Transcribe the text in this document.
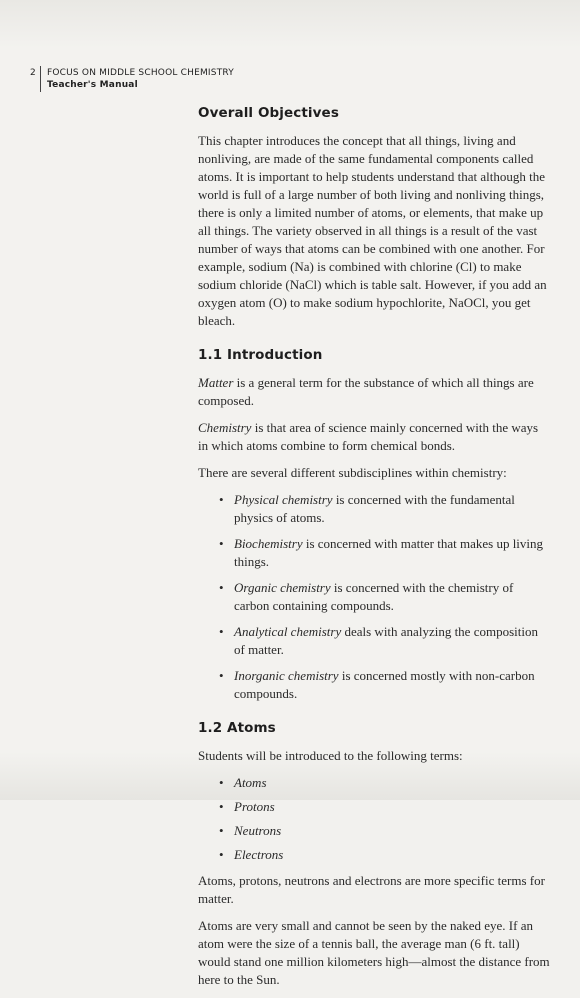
2 FOCUS ON MIDDLE SCHOOL CHEMISTRY
Teacher's Manual
Overall Objectives

This chapter introduces the concept that all things, living and nonliving, are made of the same fundamental components called atoms. It is important to help students understand that although the world is full of a large number of both living and nonliving things, there is only a limited number of atoms, or elements, that make up all things. The variety observed in all things is a result of the vast number of ways that atoms can be combined with one another. For example, sodium (Na) is combined with chlorine (Cl) to make sodium chloride (NaCl) which is table salt. However, if you add an oxygen atom (O) to make sodium hypochlorite, NaOCl, you get bleach.

1.1 Introduction

Matter is a general term for the substance of which all things are composed.

Chemistry is that area of science mainly concerned with the ways in which atoms combine to form chemical bonds.

There are several different subdisciplines within chemistry:

• Physical chemistry is concerned with the fundamental physics of atoms.
• Biochemistry is concerned with matter that makes up living things.
• Organic chemistry is concerned with the chemistry of carbon containing compounds.
• Analytical chemistry deals with analyzing the composition of matter.
• Inorganic chemistry is concerned mostly with non-carbon compounds.
1.2 Atoms

Students will be introduced to the following terms:

• Atoms
• Protons
• Neutrons
• Electrons

Atoms, protons, neutrons and electrons are more specific terms for matter.

Atoms are very small and cannot be seen by the naked eye. If an atom were the size of a tennis ball, the average man (6 ft. tall) would stand one million kilometers high—almost the distance from here to the Sun.
